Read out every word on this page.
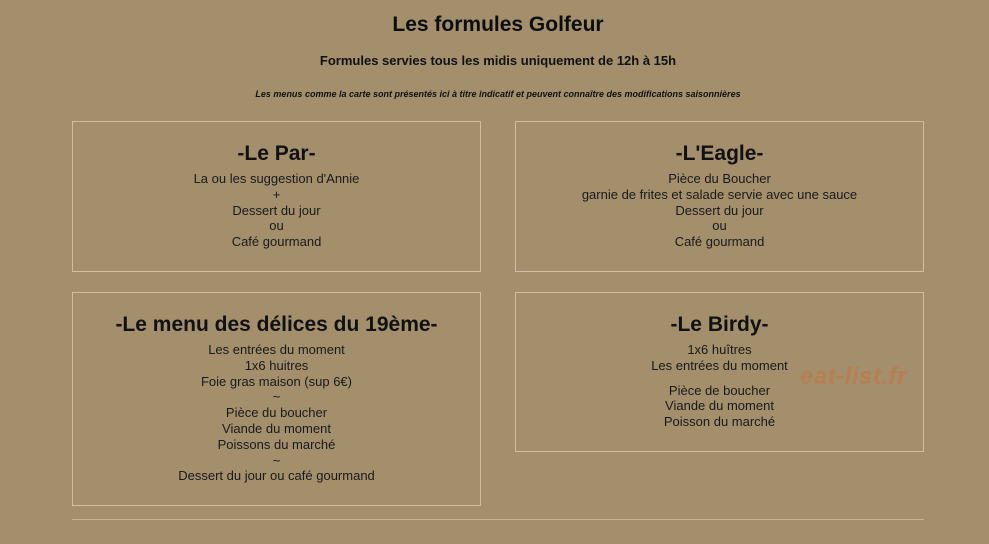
Les formules Golfeur
Formules servies tous les midis uniquement de 12h à 15h
Les menus comme la carte sont présentés ici à titre indicatif et peuvent connaître des modifications saisonnières
-Le Par-
La ou les suggestion d'Annie
+
Dessert du jour
ou
Café gourmand
-L'Eagle-
Pièce du Boucher
garnie de frites et salade servie avec une sauce
Dessert du jour
ou
Café gourmand
-Le menu des délices du 19ème-
Les entrées du moment
1x6 huitres
Foie gras maison (sup 6€)
~
Pièce du boucher
Viande du moment
Poissons du marché
~
Dessert du jour ou café gourmand
-Le Birdy-
1x6 huîtres
Les entrées du moment
Pièce de boucher
Viande du moment
Poisson du marché
eat-list.fr
